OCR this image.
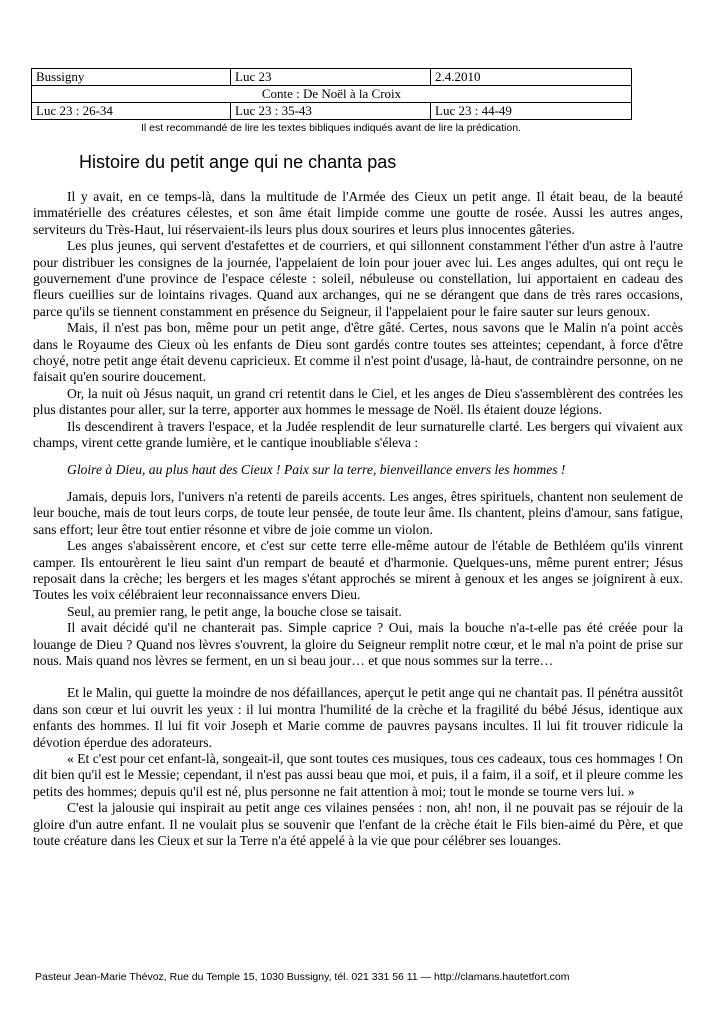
Bussigny	Luc 23	2.4.2010
Conte : De Noël à la Croix		
Luc 23 : 26-34	Luc 23 : 35-43	Luc 23 : 44-49
Il est recommandé de lire les textes bibliques indiqués avant de lire la prédication.
Histoire du petit ange qui ne chanta pas

Il y avait, en ce temps-là, dans la multitude de l'Armée des Cieux un petit ange. Il était beau, de la beauté immatérielle des créatures célestes, et son âme était limpide comme une goutte de rosée. Aussi les autres anges, serviteurs du Très-Haut, lui réservaient-ils leurs plus doux sourires et leurs plus innocentes gâteries.

Les plus jeunes, qui servent d'estafettes et de courriers, et qui sillonnent constamment l'éther d'un astre à l'autre pour distribuer les consignes de la journée, l'appelaient de loin pour jouer avec lui. Les anges adultes, qui ont reçu le gouvernement d'une province de l'espace céleste : soleil, nébuleuse ou constellation, lui apportaient en cadeau des fleurs cueillies sur de lointains rivages. Quand aux archanges, qui ne se dérangent que dans de très rares occasions, parce qu'ils se tiennent constamment en présence du Seigneur, il l'appelaient pour le faire sauter sur leurs genoux.

Mais, il n'est pas bon, même pour un petit ange, d'être gâté. Certes, nous savons que le Malin n'a point accès dans le Royaume des Cieux où les enfants de Dieu sont gardés contre toutes ses atteintes; cependant, à force d'être choyé, notre petit ange était devenu capricieux. Et comme il n'est point d'usage, là-haut, de contraindre personne, on ne faisait qu'en sourire doucement.

Or, la nuit où Jésus naquit, un grand cri retentit dans le Ciel, et les anges de Dieu s'assemblèrent des contrées les plus distantes pour aller, sur la terre, apporter aux hommes le message de Noël. Ils étaient douze légions.

Ils descendirent à travers l'espace, et la Judée resplendit de leur surnaturelle clarté. Les bergers qui vivaient aux champs, virent cette grande lumière, et le cantique inoubliable s'éleva :

Gloire à Dieu, au plus haut des Cieux ! Paix sur la terre, bienveillance envers les hommes !

Jamais, depuis lors, l'univers n'a retenti de pareils accents. Les anges, êtres spirituels, chantent non seulement de leur bouche, mais de tout leurs corps, de toute leur pensée, de toute leur âme. Ils chantent, pleins d'amour, sans fatigue, sans effort; leur être tout entier résonne et vibre de joie comme un violon.

Les anges s'abaissèrent encore, et c'est sur cette terre elle-même autour de l'étable de Bethléem qu'ils vinrent camper. Ils entourèrent le lieu saint d'un rempart de beauté et d'harmonie. Quelques-uns, même purent entrer; Jésus reposait dans la crèche; les bergers et les mages s'étant approchés se mirent à genoux et les anges se joignirent à eux. Toutes les voix célébraient leur reconnaissance envers Dieu.

Seul, au premier rang, le petit ange, la bouche close se taisait.

Il avait décidé qu'il ne chanterait pas. Simple caprice ? Oui, mais la bouche n'a-t-elle pas été créée pour la louange de Dieu ? Quand nos lèvres s'ouvrent, la gloire du Seigneur remplit notre cœur, et le mal n'a point de prise sur nous. Mais quand nos lèvres se ferment, en un si beau jour… et que nous sommes sur la terre…

Et le Malin, qui guette la moindre de nos défaillances, aperçut le petit ange qui ne chantait pas. Il pénétra aussitôt dans son cœur et lui ouvrit les yeux : il lui montra l'humilité de la crèche et la fragilité du bébé Jésus, identique aux enfants des hommes. Il lui fit voir Joseph et Marie comme de pauvres paysans incultes. Il lui fit trouver ridicule la dévotion éperdue des adorateurs.

« Et c'est pour cet enfant-là, songeait-il, que sont toutes ces musiques, tous ces cadeaux, tous ces hommages ! On dit bien qu'il est le Messie; cependant, il n'est pas aussi beau que moi, et puis, il a faim, il a soif, et il pleure comme les petits des hommes; depuis qu'il est né, plus personne ne fait attention à moi; tout le monde se tourne vers lui. »

C'est la jalousie qui inspirait au petit ange ces vilaines pensées : non, ah! non, il ne pouvait pas se réjouir de la gloire d'un autre enfant. Il ne voulait plus se souvenir que l'enfant de la crèche était le Fils bien-aimé du Père, et que toute créature dans les Cieux et sur la Terre n'a été appelé à la vie que pour célébrer ses louanges.

Pasteur Jean-Marie Thévoz, Rue du Temple 15, 1030 Bussigny, tél. 021 331 56 11 — http://clamans.hautetfort.com
